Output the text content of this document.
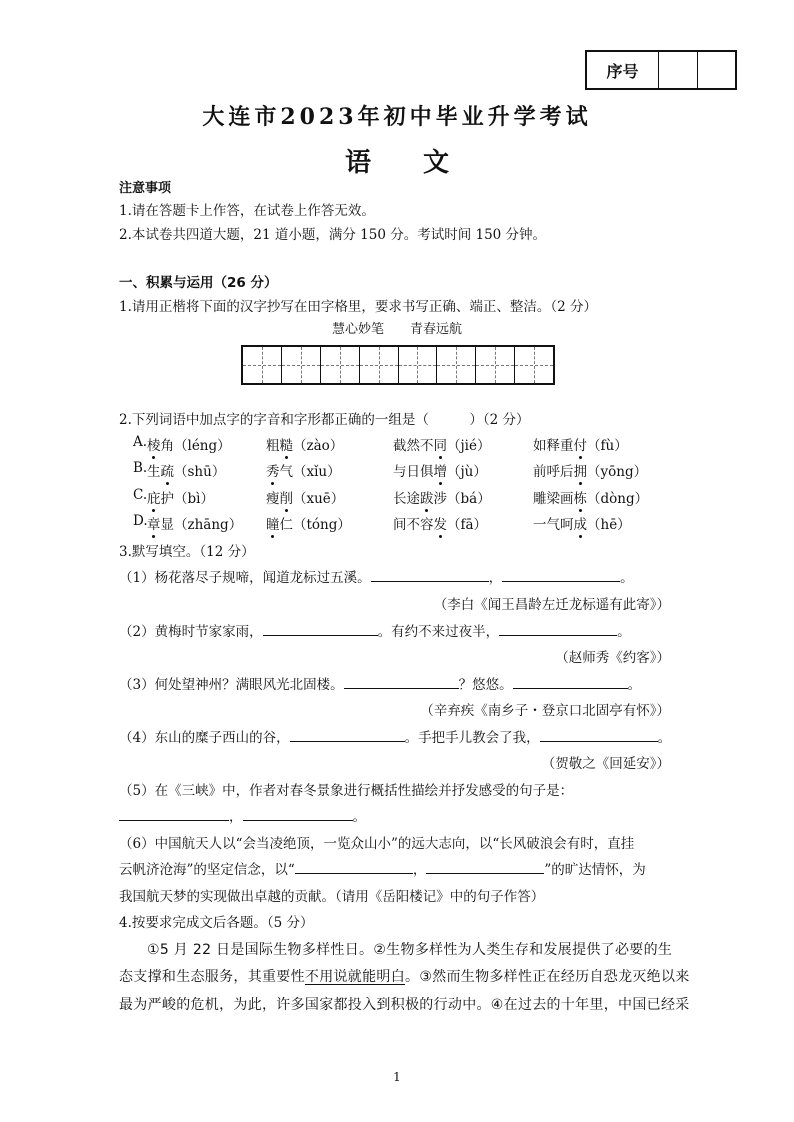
序号
大连市2023年初中毕业升学考试
语　　文
注意事项
1.请在答题卡上作答，在试卷上作答无效。
2.本试卷共四道大题，21 道小题，满分 150 分。考试时间 150 分钟。
一、积累与运用（26 分）
1.请用正楷将下面的汉字抄写在田字格里，要求书写正确、端正、整洁。（2 分）
慧心妙笔　　青春远航
2.下列词语中加点字的字音和字形都正确的一组是（　　　）（2 分）
A. 棱角（léng）	粗糙（zào）	截然不同（jié）	如释重付（fù）
B. 生疏（shū）	秀气（xǐu）	与日俱增（jù）	前呼后拥（yōng）
C. 庇护（bì）	瘦削（xuē）	长途跋涉（bá）	雕梁画栋（dòng）
D. 章显（zhāng） 瞳仁（tóng）	间不容发（fā）	一气呵成（hē）
3.默写填空。（12 分）
（1）杨花落尽子规啼，闻道龙标过五溪。	，	。
（李白《闻王昌龄左迁龙标遥有此寄》）
（2）黄梅时节家家雨，	。有约不来过夜半，	。
（赵师秀《约客》）
（3）何处望神州？满眼风光北固楼。	？悠悠。	。
（辛弃疾《南乡子・登京口北固亭有怀》）
（4）东山的糜子西山的谷，	。手把手儿教会了我，	。
（贺敬之《回延安》）
（5）在《三峡》中，作者对春冬景象进行概括性描绘并抒发感受的句子是：
，	。
（6）中国航天人以“会当凌绝顶，一览众山小”的远大志向，以“长风破浪会有时，直挂
云帆济沧海”的坚定信念，以“	，	”的旷达情怀，为
我国航天梦的实现做出卓越的贡献。（请用《岳阳楼记》中的句子作答）
4.按要求完成文后各题。（5 分）
①5 月 22 日是国际生物多样性日。②生物多样性为人类生存和发展提供了必要的生
态支撑和生态服务，其重要性不用说就能明白。③然而生物多样性正在经历自恐龙灭绝以来
最为严峻的危机，为此，许多国家都投入到积极的行动中。④在过去的十年里，中国已经采
1
